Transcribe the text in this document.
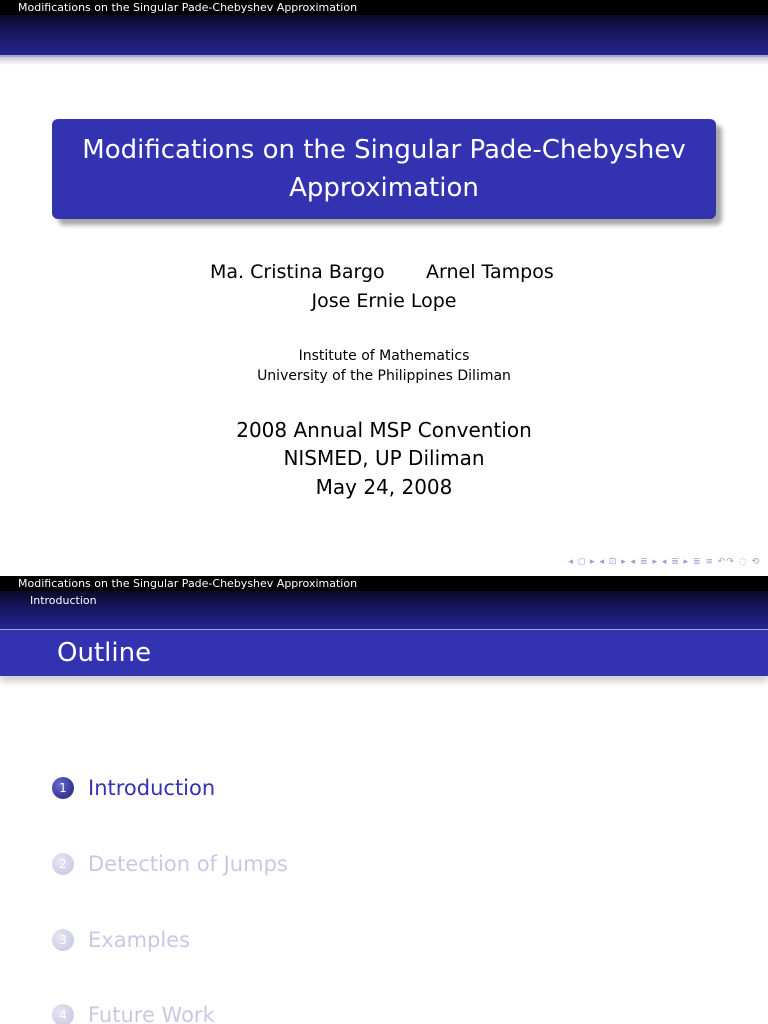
Modifications on the Singular Pade-Chebyshev Approximation
Modifications on the Singular Pade-Chebyshev
Approximation
Ma. Cristina Bargo Arnel Tampos
Jose Ernie Lope
Institute of Mathematics
University of the Philippines Diliman
2008 Annual MSP Convention
NISMED, UP Diliman
May 24, 2008
◂ ◻ ▸ ◂ ⊡ ▸ ◂ ≣ ▸ ◂ ≣ ▸ ≣ ≡ ↶↷ ◌ ⟲
Modifications on the Singular Pade-Chebyshev Approximation
Introduction
Outline
1	Introduction
2	Detection of Jumps
3	Examples
4	Future Work
